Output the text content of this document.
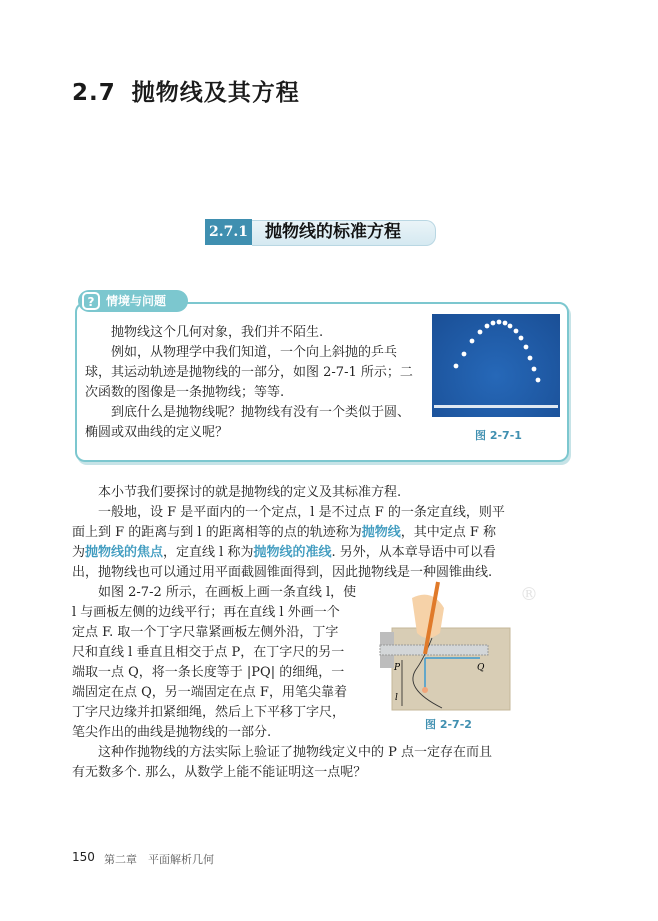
2.7 抛物线及其方程
2.7.1 抛物线的标准方程
? 情境与问题
抛物线这个几何对象，我们并不陌生.
例如，从物理学中我们知道，一个向上斜抛的乒乓
球，其运动轨迹是抛物线的一部分，如图 2-7-1 所示；二
次函数的图像是一条抛物线；等等.
到底什么是抛物线呢？抛物线有没有一个类似于圆、
椭圆或双曲线的定义呢？	图 2-7-1
本小节我们要探讨的就是抛物线的定义及其标准方程.
一般地，设 F 是平面内的一个定点，l 是不过点 F 的一条定直线，则平
面上到 F 的距离与到 l 的距离相等的点的轨迹称为抛物线，其中定点 F 称
为抛物线的焦点，定直线 l 称为抛物线的准线. 另外，从本章导语中可以看
出，抛物线也可以通过用平面截圆锥面得到，因此抛物线是一种圆锥曲线.
如图 2-7-2 所示，在画板上画一条直线 l，使
l 与画板左侧的边线平行；再在直线 l 外画一个
定点 F. 取一个丁字尺靠紧画板左侧外沿，丁字
尺和直线 l 垂直且相交于点 P，在丁字尺的另一
端取一点 Q，将一条长度等于 |PQ| 的细绳，一
端固定在点 Q，另一端固定在点 F，用笔尖靠着
丁字尺边缘并扣紧细绳，然后上下平移丁字尺，
笔尖作出的曲线是抛物线的一部分.
这种作抛物线的方法实际上验证了抛物线定义中的 P 点一定存在而且
有无数多个. 那么，从数学上能不能证明这一点呢？
P	Q
l
®
图 2-7-2
150 第二章　平面解析几何
